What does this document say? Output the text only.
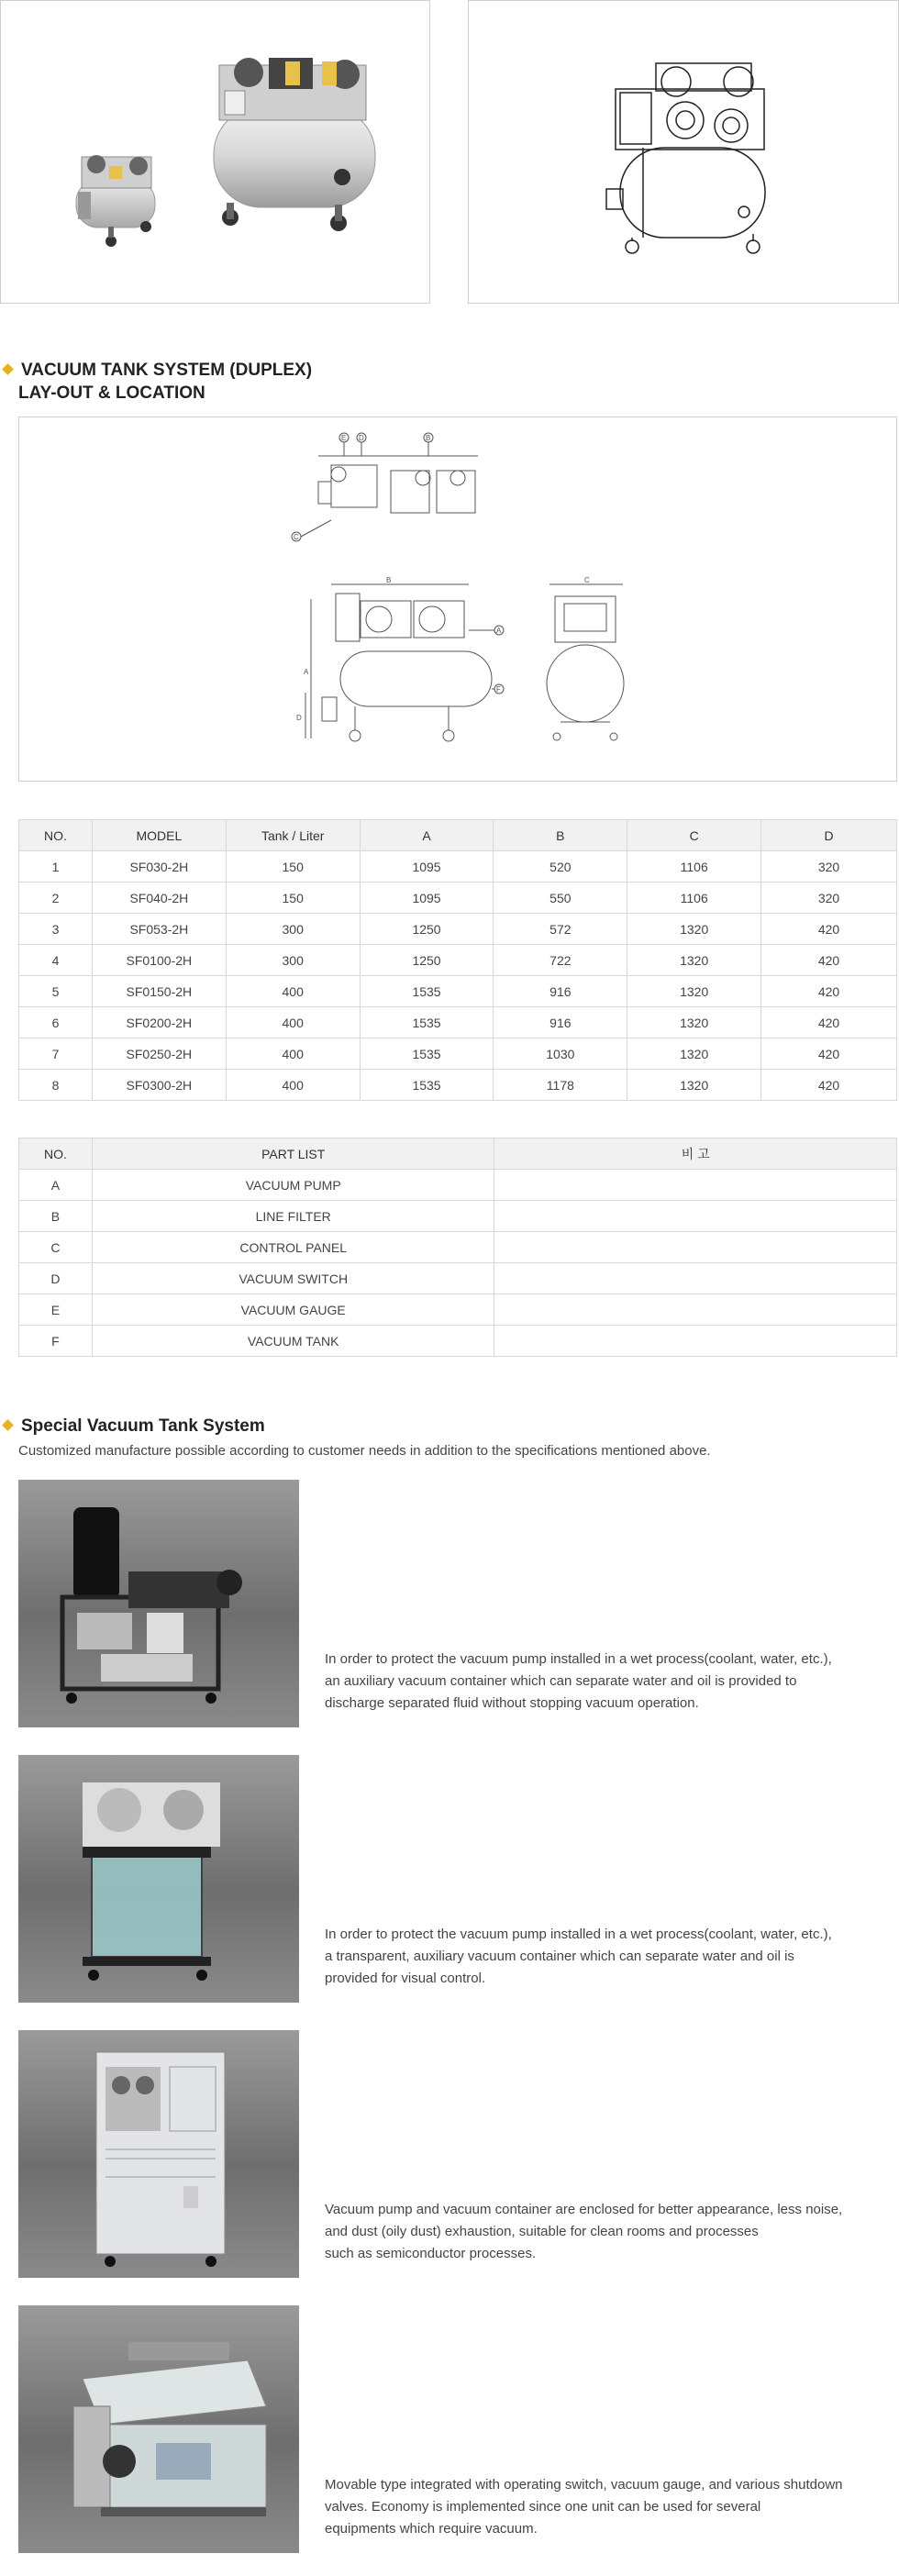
VACUUM TANK SYSTEM (DUPLEX)
LAY-OUT & LOCATION
E D	B
C
B
A
F
A
D
C
NO.	MODEL	Tank / Liter	A	B	C	D
1	SF030-2H	150	1095	520	1106	320
2	SF040-2H	150	1095	550	1106	320
3	SF053-2H	300	1250	572	1320	420
4	SF0100-2H	300	1250	722	1320	420
5	SF0150-2H	400	1535	916	1320	420
6	SF0200-2H	400	1535	916	1320	420
7	SF0250-2H	400	1535	1030	1320	420
8	SF0300-2H	400	1535	1178	1320	420
NO.	PART LIST	비 고
A	VACUUM PUMP	
B	LINE FILTER	
C	CONTROL PANEL	
D	VACUUM SWITCH	
E	VACUUM GAUGE	
F	VACUUM TANK	
Special Vacuum Tank System
Customized manufacture possible according to customer needs in addition to the specifications mentioned above.
In order to protect the vacuum pump installed in a wet process(coolant, water, etc.),
an auxiliary vacuum container which can separate water and oil is provided to
discharge separated fluid without stopping vacuum operation.
In order to protect the vacuum pump installed in a wet process(coolant, water, etc.),
a transparent, auxiliary vacuum container which can separate water and oil is
provided for visual control.
Vacuum pump and vacuum container are enclosed for better appearance, less noise,
and dust (oily dust) exhaustion, suitable for clean rooms and processes
such as semiconductor processes.
Movable type integrated with operating switch, vacuum gauge, and various shutdown
valves. Economy is implemented since one unit can be used for several
equipments which require vacuum.
